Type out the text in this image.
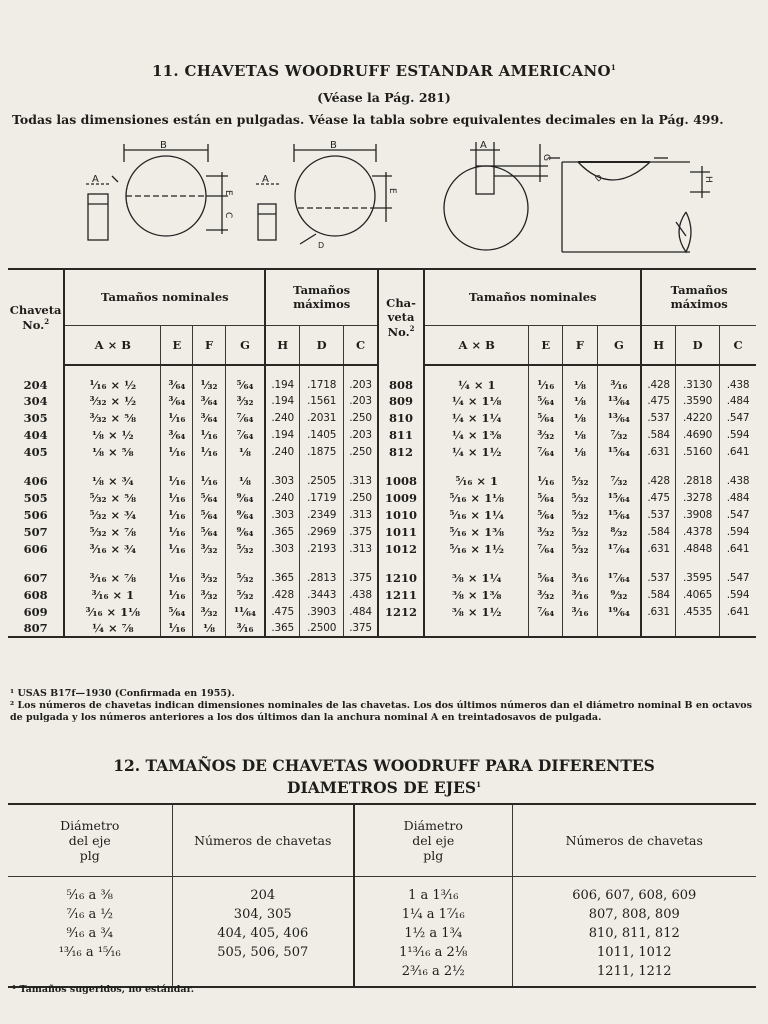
11. CHAVETAS WOODRUFF ESTANDAR AMERICANO$^1$
(Véase la Pág. 281)
Todas las dimensiones están en pulgadas. Véase la tabla sobre equivalentes decimales en la Pág. 499.
A
B
E
C
A
B
E
D
A
G
H
D
Chaveta No.$^2$	Tamaños nominales				Tamaños máximos			Cha-
veta
No.$^2$	Tamaños nominales				Tamaños máximos		
	A × B	E	F	G	H	D	C		A × B	E	F	G	H	D	C
204	¹⁄₁₆ × ½	³⁄₆₄	¹⁄₃₂	⁵⁄₆₄	.194	.1718	.203	808	¼ × 1	¹⁄₁₆	⅛	³⁄₁₆	.428	.3130	.438
304	³⁄₃₂ × ½	³⁄₆₄	³⁄₆₄	³⁄₃₂	.194	.1561	.203	809	¼ × 1⅛	⁵⁄₆₄	⅛	¹³⁄₆₄	.475	.3590	.484
305	³⁄₃₂ × ⅝	¹⁄₁₆	³⁄₆₄	⁷⁄₆₄	.240	.2031	.250	810	¼ × 1¼	⁵⁄₆₄	⅛	¹³⁄₆₄	.537	.4220	.547
404	⅛ × ½	³⁄₆₄	¹⁄₁₆	⁷⁄₆₄	.194	.1405	.203	811	¼ × 1⅜	³⁄₃₂	⅛	⁷⁄₃₂	.584	.4690	.594
405	⅛ × ⅝	¹⁄₁₆	¹⁄₁₆	⅛	.240	.1875	.250	812	¼ × 1½	⁷⁄₆₄	⅛	¹⁵⁄₆₄	.631	.5160	.641

406	⅛ × ¾	¹⁄₁₆	¹⁄₁₆	⅛	.303	.2505	.313	1008	⁵⁄₁₆ × 1	¹⁄₁₆	⁵⁄₃₂	⁷⁄₃₂	.428	.2818	.438
505	⁵⁄₃₂ × ⅝	¹⁄₁₆	⁵⁄₆₄	⁹⁄₆₄	.240	.1719	.250	1009	⁵⁄₁₆ × 1⅛	⁵⁄₆₄	⁵⁄₃₂	¹⁵⁄₆₄	.475	.3278	.484
506	⁵⁄₃₂ × ¾	¹⁄₁₆	⁵⁄₆₄	⁹⁄₆₄	.303	.2349	.313	1010	⁵⁄₁₆ × 1¼	⁵⁄₆₄	⁵⁄₃₂	¹⁵⁄₆₄	.537	.3908	.547
507	⁵⁄₃₂ × ⅞	¹⁄₁₆	⁵⁄₆₄	⁹⁄₆₄	.365	.2969	.375	1011	⁵⁄₁₆ × 1⅜	³⁄₃₂	⁵⁄₃₂	⁸⁄₃₂	.584	.4378	.594
606	³⁄₁₆ × ¾	¹⁄₁₆	³⁄₃₂	⁵⁄₃₂	.303	.2193	.313	1012	⁵⁄₁₆ × 1½	⁷⁄₆₄	⁵⁄₃₂	¹⁷⁄₆₄	.631	.4848	.641

607	³⁄₁₆ × ⅞	¹⁄₁₆	³⁄₃₂	⁵⁄₃₂	.365	.2813	.375	1210	⅜ × 1¼	⁵⁄₆₄	³⁄₁₆	¹⁷⁄₆₄	.537	.3595	.547
608	³⁄₁₆ × 1	¹⁄₁₆	³⁄₃₂	⁵⁄₃₂	.428	.3443	.438	1211	⅜ × 1⅜	³⁄₃₂	³⁄₁₆	⁹⁄₃₂	.584	.4065	.594
609	³⁄₁₆ × 1⅛	⁵⁄₆₄	³⁄₃₂	¹¹⁄₆₄	.475	.3903	.484	1212	⅜ × 1½	⁷⁄₆₄	³⁄₁₆	¹⁹⁄₆₄	.631	.4535	.641
807	¼ × ⅞	¹⁄₁₆	⅛	³⁄₁₆	.365	.2500	.375								
¹ USAS B17f—1930 (Confirmada en 1955).
² Los números de chavetas indican dimensiones nominales de las chavetas. Los dos últimos números dan el diámetro nominal B en octavos de pulgada y los números anteriores a los dos últimos dan la anchura nominal A en treintadosavos de pulgada.
12. TAMAÑOS DE CHAVETAS WOODRUFF PARA DIFERENTES
DIAMETROS DE EJES$^1$
Diámetro
del eje
plg	Números de chavetas	Diámetro
del eje
plg	Números de chavetas
⁵⁄₁₆ a ⅜	204	1 a 1³⁄₁₆	606, 607, 608, 609
⁷⁄₁₆ a ½	304, 305	1¼ a 1⁷⁄₁₆	807, 808, 809
⁹⁄₁₆ a ¾	404, 405, 406	1½ a 1¾	810, 811, 812
¹³⁄₁₆ a ¹⁵⁄₁₆	505, 506, 507	1¹³⁄₁₆ a 2⅛	1011, 1012
		2³⁄₁₆ a 2½	1211, 1212
¹ Tamaños sugeridos, no estándar.
